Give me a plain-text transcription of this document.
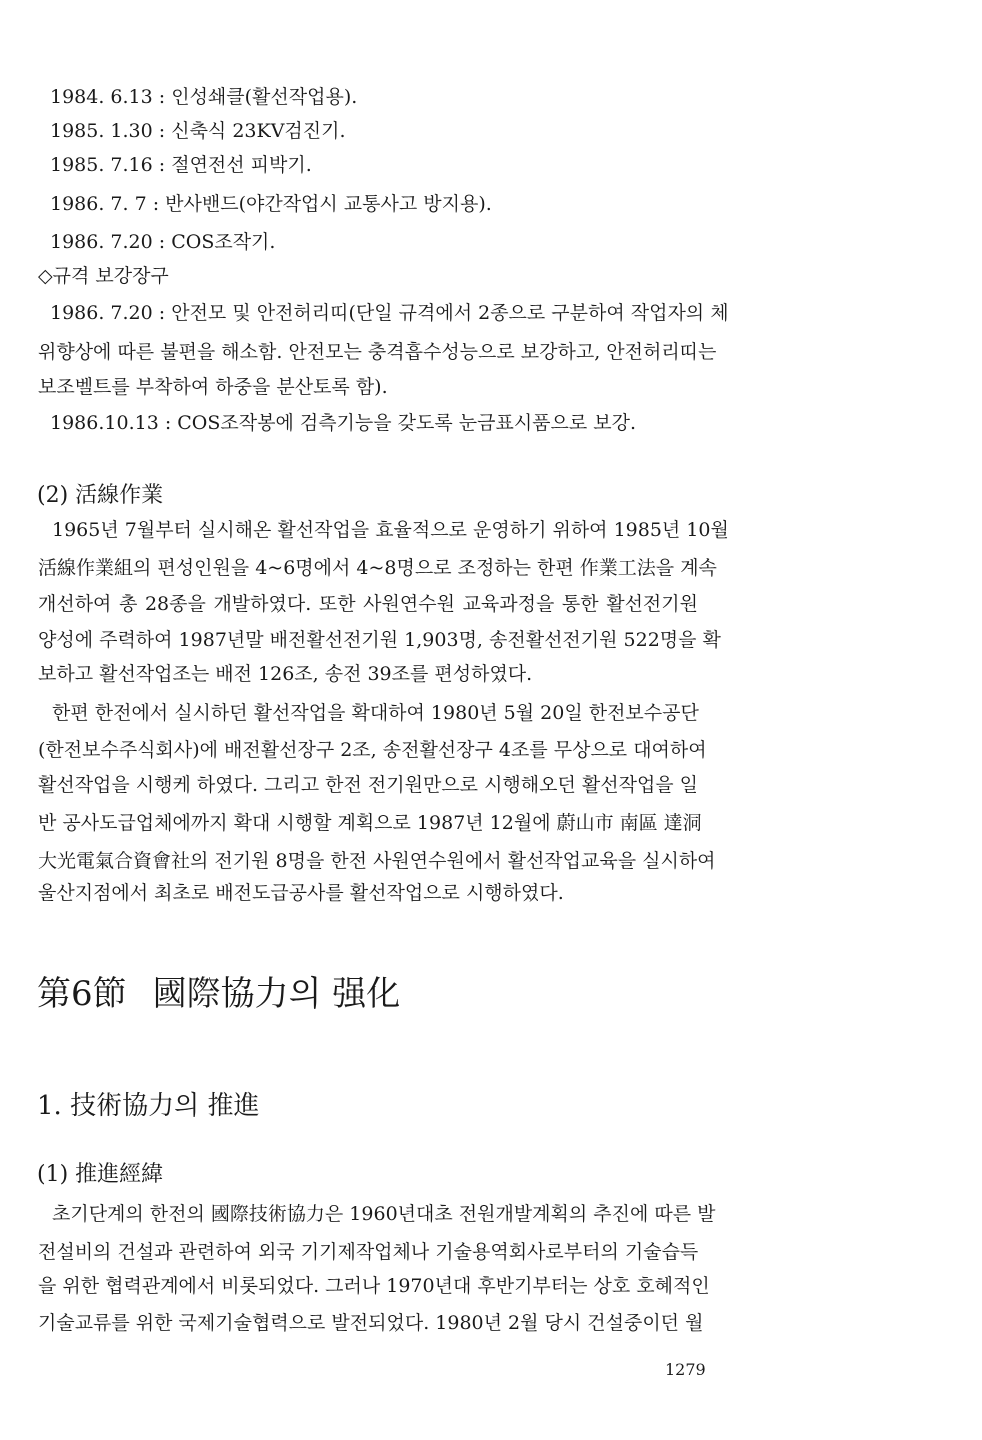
1984. 6.13 : 인성쇄클(활선작업용).
1985. 1.30 : 신축식 23KV검진기.
1985. 7.16 : 절연전선 피박기.
1986. 7. 7 : 반사밴드(야간작업시 교통사고 방지용).
1986. 7.20 : COS조작기.
◇규격 보강장구
1986. 7.20 : 안전모 및 안전허리띠(단일 규격에서 2종으로 구분하여 작업자의 체
위향상에 따른 불편을 해소함. 안전모는 충격흡수성능으로 보강하고, 안전허리띠는
보조벨트를 부착하여 하중을 분산토록 함).
1986.10.13 : COS조작봉에 검측기능을 갖도록 눈금표시품으로 보강.
(2) 活線作業
1965년 7월부터 실시해온 활선작업을 효율적으로 운영하기 위하여 1985년 10월
活線作業組의 편성인원을 4~6명에서 4~8명으로 조정하는 한편 作業工法을 계속
개선하여 총 28종을 개발하였다. 또한 사원연수원 교육과정을 통한 활선전기원
양성에 주력하여 1987년말 배전활선전기원 1,903명, 송전활선전기원 522명을 확
보하고 활선작업조는 배전 126조, 송전 39조를 편성하였다.
한편 한전에서 실시하던 활선작업을 확대하여 1980년 5월 20일 한전보수공단
(한전보수주식회사)에 배전활선장구 2조, 송전활선장구 4조를 무상으로 대여하여
활선작업을 시행케 하였다. 그리고 한전 전기원만으로 시행해오던 활선작업을 일
반 공사도급업체에까지 확대 시행할 계획으로 1987년 12월에 蔚山市 南區 達洞
大光電氣合資會社의 전기원 8명을 한전 사원연수원에서 활선작업교육을 실시하여
울산지점에서 최초로 배전도급공사를 활선작업으로 시행하였다.
第6節 國際協力의 强化
1. 技術協力의 推進
(1) 推進經緯
초기단계의 한전의 國際技術協力은 1960년대초 전원개발계획의 추진에 따른 발
전설비의 건설과 관련하여 외국 기기제작업체나 기술용역회사로부터의 기술습득
을 위한 협력관계에서 비롯되었다. 그러나 1970년대 후반기부터는 상호 호혜적인
기술교류를 위한 국제기술협력으로 발전되었다. 1980년 2월 당시 건설중이던 월
1279
